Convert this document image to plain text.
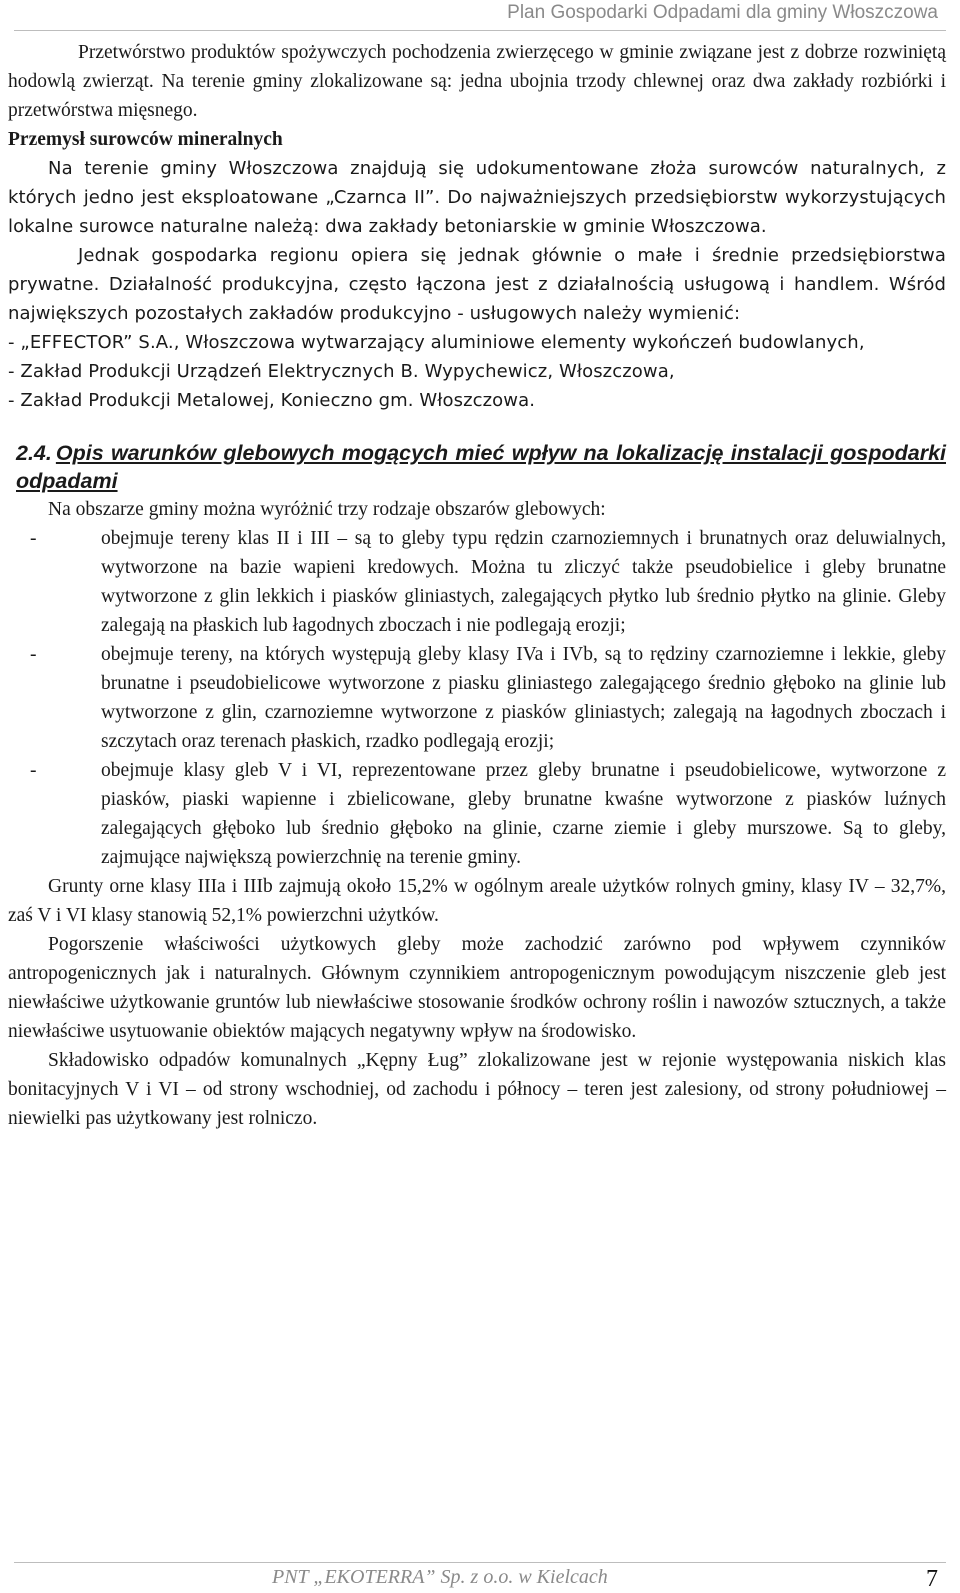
Plan Gospodarki Odpadami dla gminy Włoszczowa

Przetwórstwo produktów spożywczych pochodzenia zwierzęcego w gminie związane jest z dobrze rozwiniętą hodowlą zwierząt. Na terenie gminy zlokalizowane są: jedna ubojnia trzody chlewnej oraz dwa zakłady rozbiórki i przetwórstwa mięsnego.

Przemysł surowców mineralnych

Na terenie gminy Włoszczowa znajdują się udokumentowane złoża surowców naturalnych, z których jedno jest eksploatowane „Czarnca II”. Do najważniejszych przedsiębiorstw wykorzystujących lokalne surowce naturalne należą: dwa zakłady betoniarskie w gminie Włoszczowa.

Jednak gospodarka regionu opiera się jednak głównie o małe i średnie przedsiębiorstwa prywatne. Działalność produkcyjna, często łączona jest z działalnością usługową i handlem. Wśród największych pozostałych zakładów produkcyjno - usługowych należy wymienić:

- „EFFECTOR” S.A., Włoszczowa wytwarzający aluminiowe elementy wykończeń budowlanych,

- Zakład Produkcji Urządzeń Elektrycznych B. Wypychewicz, Włoszczowa,

- Zakład Produkcji Metalowej, Konieczno gm. Włoszczowa.

2.4. Opis warunków glebowych mogących mieć wpływ na lokalizację instalacji gospodarki odpadami

Na obszarze gminy można wyróżnić trzy rodzaje obszarów glebowych:

-	obejmuje tereny klas II i III – są to gleby typu rędzin czarnoziemnych i brunatnych oraz deluwialnych, wytworzone na bazie wapieni kredowych. Można tu zliczyć także pseudobielice i gleby brunatne wytworzone z glin lekkich i piasków gliniastych, zalegających płytko lub średnio płytko na glinie. Gleby zalegają na płaskich lub łagodnych zboczach i nie podlegają erozji;
-	obejmuje tereny, na których występują gleby klasy IVa i IVb, są to rędziny czarnoziemne i lekkie, gleby brunatne i pseudobielicowe wytworzone z piasku gliniastego zalegającego średnio głęboko na glinie lub wytworzone z glin, czarnoziemne wytworzone z piasków gliniastych; zalegają na łagodnych zboczach i szczytach oraz terenach płaskich, rzadko podlegają erozji;
-	obejmuje klasy gleb V i VI, reprezentowane przez gleby brunatne i pseudobielicowe, wytworzone z piasków, piaski wapienne i zbielicowane, gleby brunatne kwaśne wytworzone z piasków luźnych zalegających głęboko lub średnio głęboko na glinie, czarne ziemie i gleby murszowe. Są to gleby, zajmujące największą powierzchnię na terenie gminy.

Grunty orne klasy IIIa i IIIb zajmują około 15,2% w ogólnym areale użytków rolnych gminy, klasy IV – 32,7%, zaś V i VI klasy stanowią 52,1% powierzchni użytków.

Pogorszenie właściwości użytkowych gleby może zachodzić zarówno pod wpływem czynników antropogenicznych jak i naturalnych. Głównym czynnikiem antropogenicznym powodującym niszczenie gleb jest niewłaściwe użytkowanie gruntów lub niewłaściwe stosowanie środków ochrony roślin i nawozów sztucznych, a także niewłaściwe usytuowanie obiektów mających negatywny wpływ na środowisko.

Składowisko odpadów komunalnych „Kępny Ług” zlokalizowane jest w rejonie występowania niskich klas bonitacyjnych V i VI – od strony wschodniej, od zachodu i północy – teren jest zalesiony, od strony południowej – niewielki pas użytkowany jest rolniczo.

PNT „EKOTERRA” Sp. z o.o. w Kielcach	7
